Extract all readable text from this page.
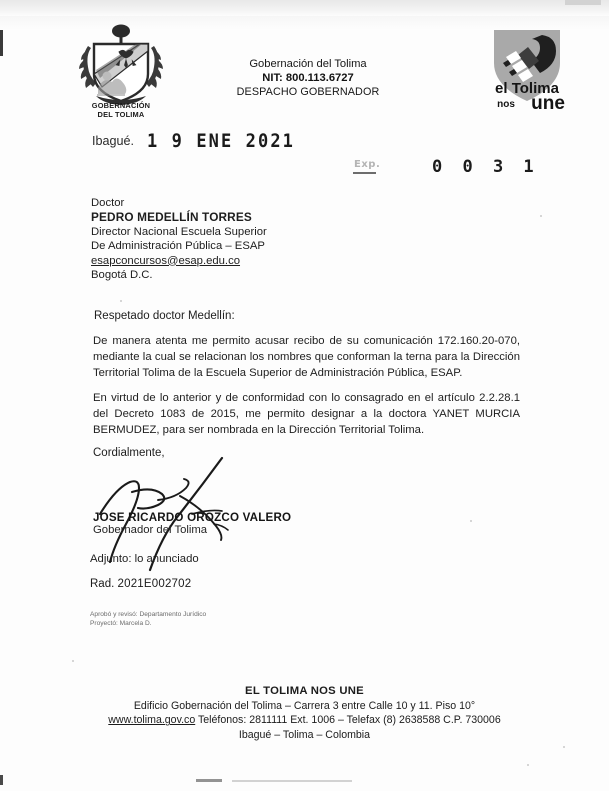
GOBERNACIÓN
DEL TOLIMA
Gobernación del Tolima
NIT: 800.113.6727
DESPACHO GOBERNADOR	el Tolima
nos une
Ibagué. 1 9 ENE 2021
Exp.	0 0 3 1
Doctor
PEDRO MEDELLÍN TORRES
Director Nacional Escuela Superior
De Administración Pública – ESAP
esapconcursos@esap.edu.co
Bogotá D.C.
Respetado doctor Medellín:
De manera atenta me permito acusar recibo de su comunicación 172.160.20-070, mediante la cual se relacionan los nombres que conforman la terna para la Dirección Territorial Tolima de la Escuela Superior de Administración Pública, ESAP.
En virtud de lo anterior y de conformidad con lo consagrado en el artículo 2.2.28.1 del Decreto 1083 de 2015, me permito designar a la doctora YANET MURCIA BERMUDEZ, para ser nombrada en la Dirección Territorial Tolima.
Cordialmente,
JOSE RICARDO OROZCO VALERO
Gobernador del Tolima
Adjunto: lo anunciado
Rad. 2021E002702
Aprobó y revisó: Departamento Jurídico
Proyectó: Marcela D.
EL TOLIMA NOS UNE
Edificio Gobernación del Tolima – Carrera 3 entre Calle 10 y 11. Piso 10°
www.tolima.gov.co Teléfonos: 2811111 Ext. 1006 – Telefax (8) 2638588 C.P. 730006
Ibagué – Tolima – Colombia
